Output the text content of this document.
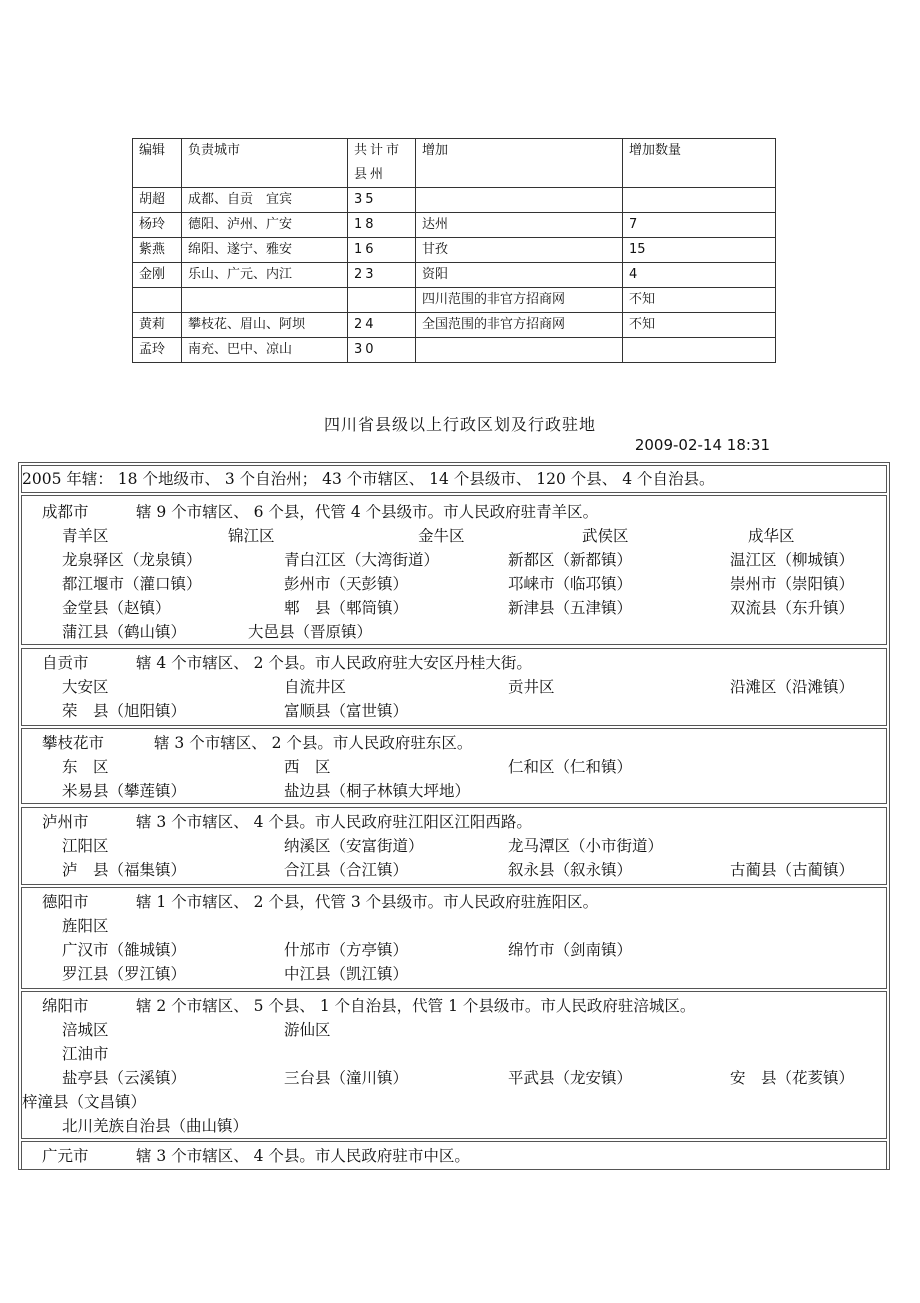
编辑	负责城市	共计市县州	增加	增加数量
胡超	成都、自贡　宜宾	35		
杨玲	德阳、泸州、广安	18	达州	7
紫燕	绵阳、遂宁、雅安	16	甘孜	15
金刚	乐山、广元、内江	23	资阳	4
			四川范围的非官方招商网	不知
黄莉	攀枝花、眉山、阿坝	24	全国范围的非官方招商网	不知
孟玲	南充、巴中、凉山	30		
四川省县级以上行政区划及行政驻地
2009-02-14 18:31
2005 年辖： 18 个地级市、 3 个自治州； 43 个市辖区、 14 个县级市、 120 个县、 4 个自治县。
成都市	辖 9 个市辖区、 6 个县，代管 4 个县级市。市人民政府驻青羊区。
青羊区	锦江区	金牛区	武侯区	成华区
龙泉驿区（龙泉镇）	青白江区（大湾街道）	新都区（新都镇）	温江区（柳城镇）
都江堰市（灌口镇）	彭州市（天彭镇）	邛崃市（临邛镇）	崇州市（崇阳镇）
金堂县（赵镇）	郫　县（郫筒镇）	新津县（五津镇）	双流县（东升镇）
蒲江县（鹤山镇）	大邑县（晋原镇）
自贡市	辖 4 个市辖区、 2 个县。市人民政府驻大安区丹桂大街。
大安区	自流井区	贡井区	沿滩区（沿滩镇）
荣　县（旭阳镇）	富顺县（富世镇）
攀枝花市	辖 3 个市辖区、 2 个县。市人民政府驻东区。
东　区	西　区	仁和区（仁和镇）
米易县（攀莲镇）	盐边县（桐子林镇大坪地）
泸州市	辖 3 个市辖区、 4 个县。市人民政府驻江阳区江阳西路。
江阳区	纳溪区（安富街道）	龙马潭区（小市街道）
泸　县（福集镇）	合江县（合江镇）	叙永县（叙永镇）	古蔺县（古蔺镇）
德阳市	辖 1 个市辖区、 2 个县，代管 3 个县级市。市人民政府驻旌阳区。
旌阳区
广汉市（雒城镇）	什邡市（方亭镇）	绵竹市（剑南镇）
罗江县（罗江镇）	中江县（凯江镇）
绵阳市	辖 2 个市辖区、 5 个县、 1 个自治县，代管 1 个县级市。市人民政府驻涪城区。
涪城区	游仙区
江油市
盐亭县（云溪镇）	三台县（潼川镇）	平武县（龙安镇）	安　县（花荄镇）
梓潼县（文昌镇）
北川羌族自治县（曲山镇）
广元市	辖 3 个市辖区、 4 个县。市人民政府驻市中区。
